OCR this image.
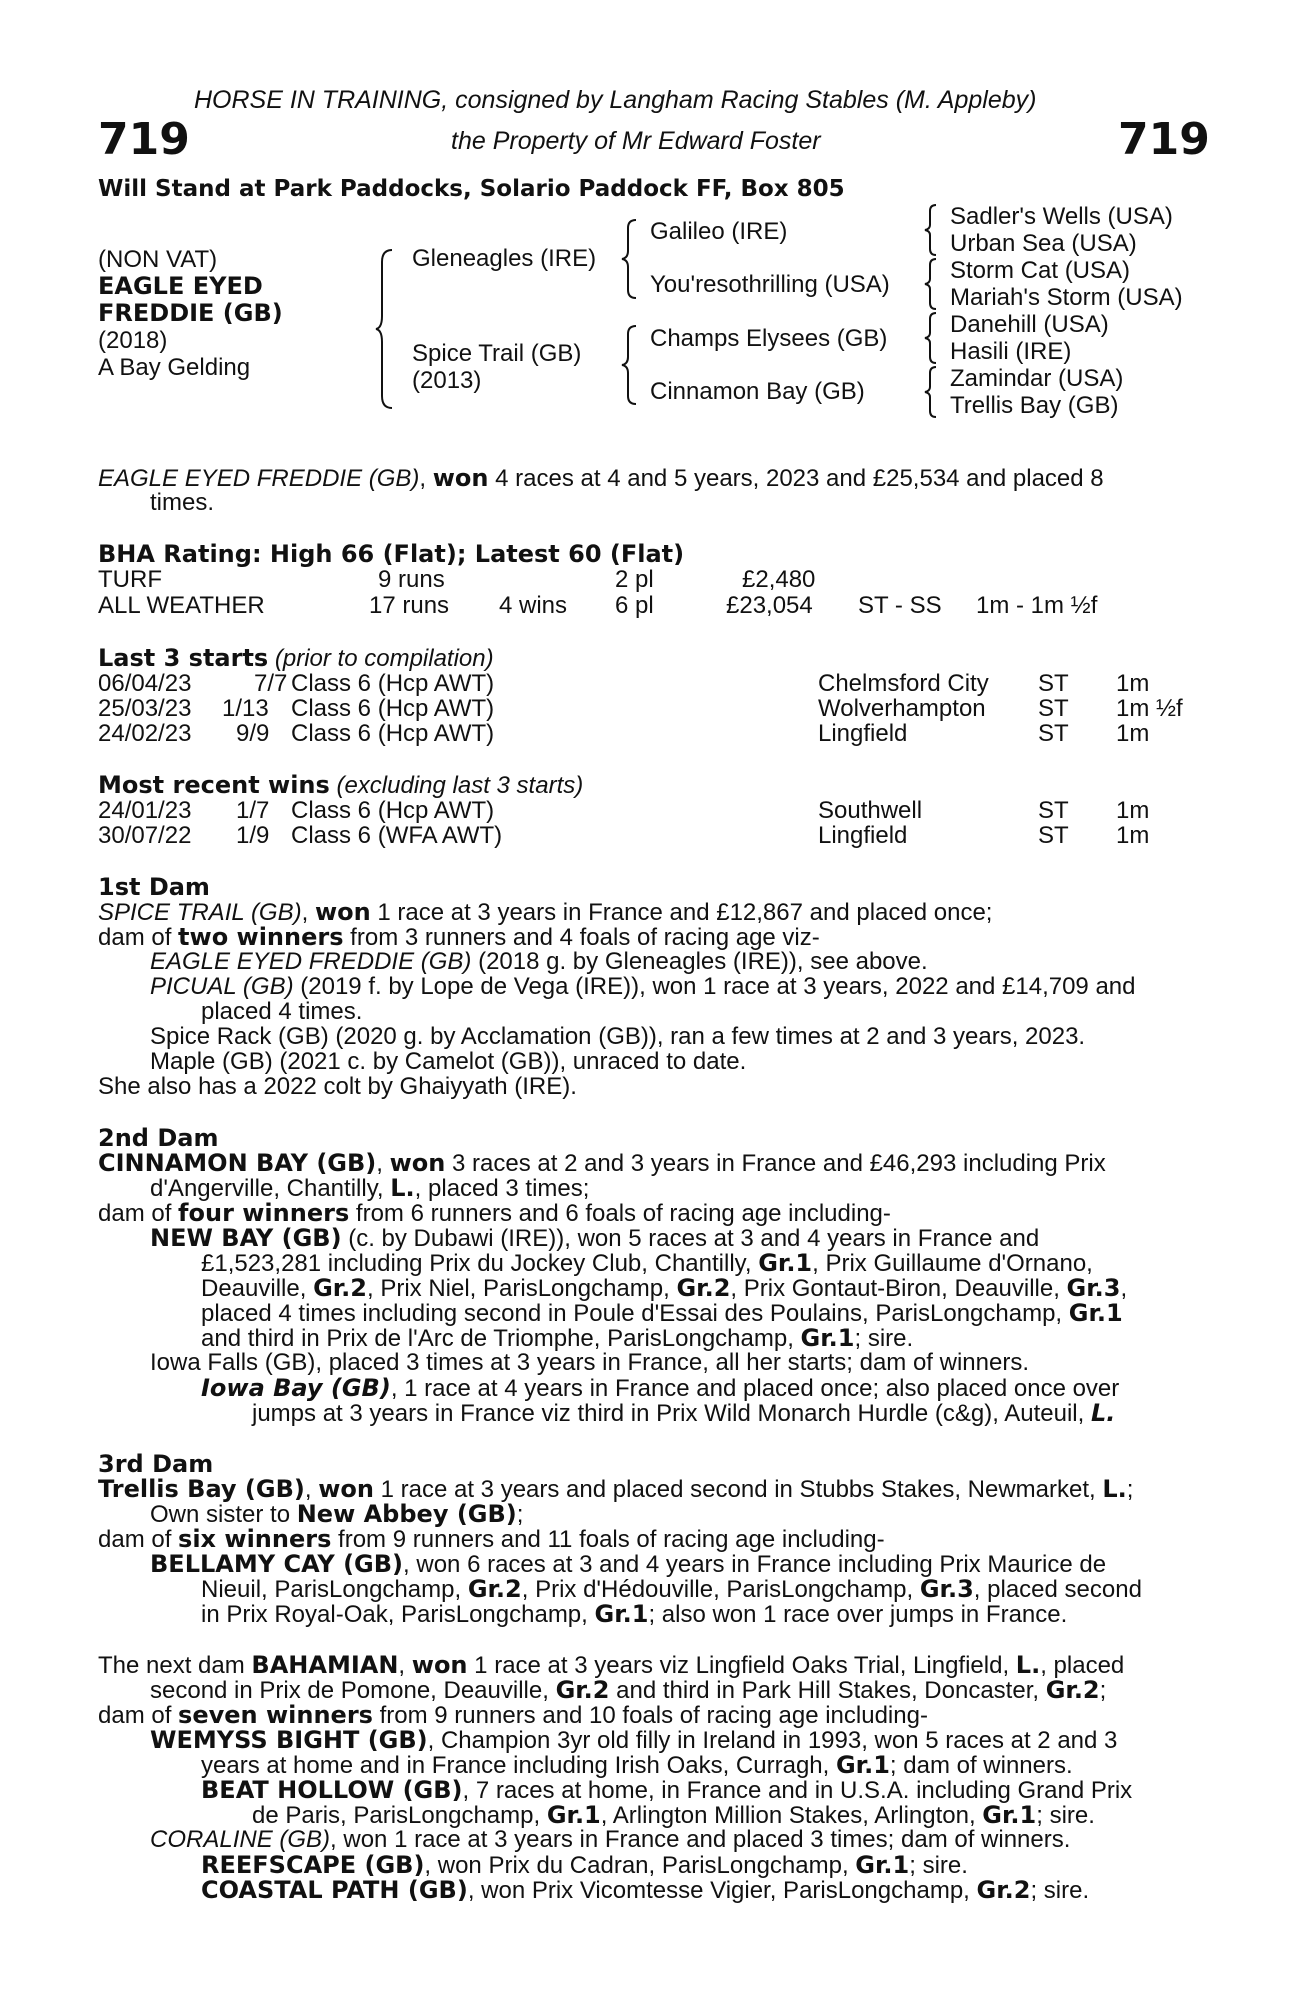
HORSE IN TRAINING, consigned by Langham Racing Stables (M. Appleby)
719	the Property of Mr Edward Foster	719
Will Stand at Park Paddocks, Solario Paddock FF, Box 805
(NON VAT)
EAGLE EYED
FREDDIE (GB)
(2018)
A Bay Gelding
Gleneagles (IRE)
Spice Trail (GB)
(2013)
Galileo (IRE)
You'resothrilling (USA)
Champs Elysees (GB)
Cinnamon Bay (GB)
Sadler's Wells (USA)
Urban Sea (USA)
Storm Cat (USA)
Mariah's Storm (USA)
Danehill (USA)
Hasili (IRE)
Zamindar (USA)
Trellis Bay (GB)
EAGLE EYED FREDDIE (GB), won 4 races at 4 and 5 years, 2023 and £25,534 and placed 8
times.
BHA Rating: High 66 (Flat); Latest 60 (Flat)
TURF	9 runs	2 pl	£2,480
ALL WEATHER	17 runs 4 wins 6 pl	£23,054 ST - SS 1m - 1m ½f
Last 3 starts (prior to compilation)
06/04/23	7/7 Class 6 (Hcp AWT)	Chelmsford City ST 1m
25/03/23 1/13 Class 6 (Hcp AWT)	Wolverhampton ST 1m ½f
24/02/23 9/9 Class 6 (Hcp AWT)	Lingfield	ST 1m
Most recent wins (excluding last 3 starts)
24/01/23 1/7 Class 6 (Hcp AWT)	Southwell	ST 1m
30/07/22 1/9 Class 6 (WFA AWT)	Lingfield	ST 1m
1st Dam
SPICE TRAIL (GB), won 1 race at 3 years in France and £12,867 and placed once;
dam of two winners from 3 runners and 4 foals of racing age viz-
EAGLE EYED FREDDIE (GB) (2018 g. by Gleneagles (IRE)), see above.
PICUAL (GB) (2019 f. by Lope de Vega (IRE)), won 1 race at 3 years, 2022 and £14,709 and
placed 4 times.
Spice Rack (GB) (2020 g. by Acclamation (GB)), ran a few times at 2 and 3 years, 2023.
Maple (GB) (2021 c. by Camelot (GB)), unraced to date.
She also has a 2022 colt by Ghaiyyath (IRE).
2nd Dam
CINNAMON BAY (GB), won 3 races at 2 and 3 years in France and £46,293 including Prix
d'Angerville, Chantilly, L., placed 3 times;
dam of four winners from 6 runners and 6 foals of racing age including-
NEW BAY (GB) (c. by Dubawi (IRE)), won 5 races at 3 and 4 years in France and
£1,523,281 including Prix du Jockey Club, Chantilly, Gr.1, Prix Guillaume d'Ornano,
Deauville, Gr.2, Prix Niel, ParisLongchamp, Gr.2, Prix Gontaut-Biron, Deauville, Gr.3,
placed 4 times including second in Poule d'Essai des Poulains, ParisLongchamp, Gr.1
and third in Prix de l'Arc de Triomphe, ParisLongchamp, Gr.1; sire.
Iowa Falls (GB), placed 3 times at 3 years in France, all her starts; dam of winners.
Iowa Bay (GB), 1 race at 4 years in France and placed once; also placed once over
jumps at 3 years in France viz third in Prix Wild Monarch Hurdle (c&g), Auteuil, L.
3rd Dam
Trellis Bay (GB), won 1 race at 3 years and placed second in Stubbs Stakes, Newmarket, L.;
Own sister to New Abbey (GB);
dam of six winners from 9 runners and 11 foals of racing age including-
BELLAMY CAY (GB), won 6 races at 3 and 4 years in France including Prix Maurice de
Nieuil, ParisLongchamp, Gr.2, Prix d'Hédouville, ParisLongchamp, Gr.3, placed second
in Prix Royal-Oak, ParisLongchamp, Gr.1; also won 1 race over jumps in France.
The next dam BAHAMIAN, won 1 race at 3 years viz Lingfield Oaks Trial, Lingfield, L., placed
second in Prix de Pomone, Deauville, Gr.2 and third in Park Hill Stakes, Doncaster, Gr.2;
dam of seven winners from 9 runners and 10 foals of racing age including-
WEMYSS BIGHT (GB), Champion 3yr old filly in Ireland in 1993, won 5 races at 2 and 3
years at home and in France including Irish Oaks, Curragh, Gr.1; dam of winners.
BEAT HOLLOW (GB), 7 races at home, in France and in U.S.A. including Grand Prix
de Paris, ParisLongchamp, Gr.1, Arlington Million Stakes, Arlington, Gr.1; sire.
CORALINE (GB), won 1 race at 3 years in France and placed 3 times; dam of winners.
REEFSCAPE (GB), won Prix du Cadran, ParisLongchamp, Gr.1; sire.
COASTAL PATH (GB), won Prix Vicomtesse Vigier, ParisLongchamp, Gr.2; sire.
